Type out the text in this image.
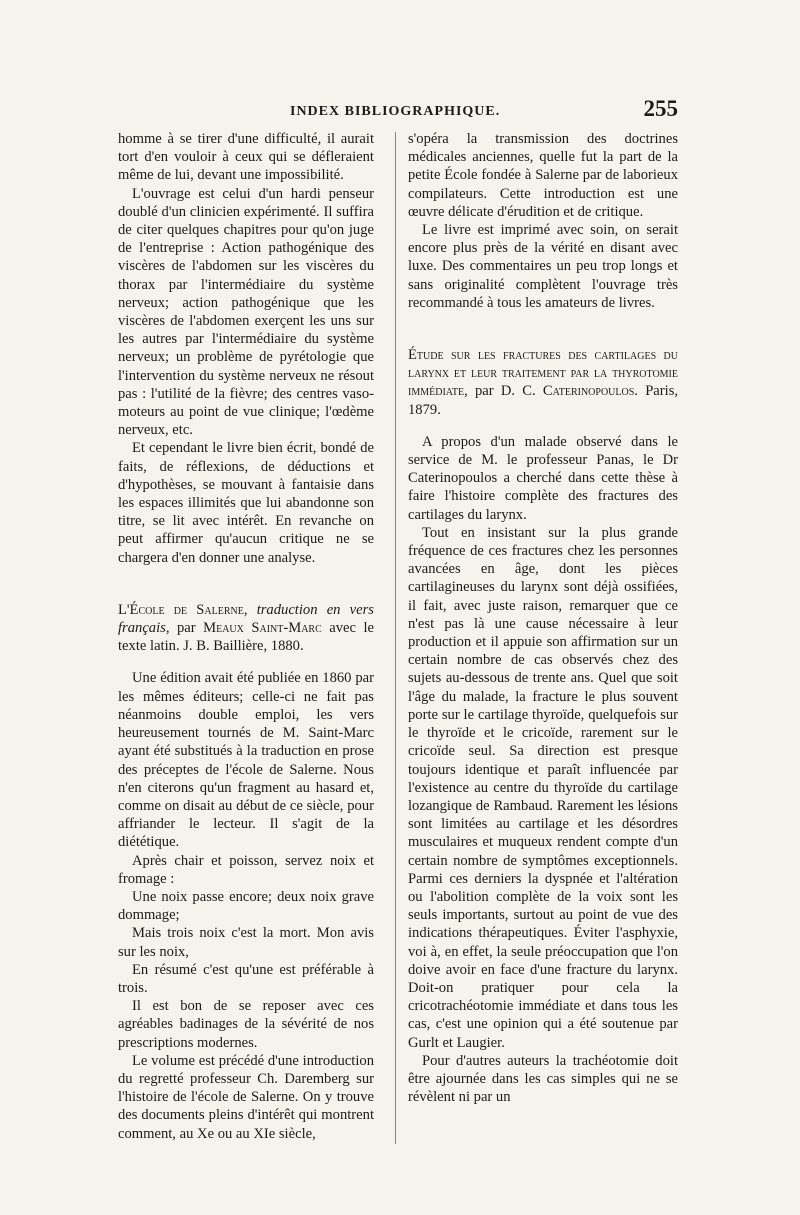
INDEX BIBLIOGRAPHIQUE.	255

homme à se tirer d'une difficulté, il aurait tort d'en vouloir à ceux qui se déflеraient même de lui, devant une impossibilité.

L'ouvrage est celui d'un hardi penseur doublé d'un clinicien expérimenté. Il suffira de citer quelques chapitres pour qu'on juge de l'entreprise : Action pathogénique des viscères de l'abdomen sur les viscères du thorax par l'intermédiaire du système nerveux; action pathogénique que les viscères de l'abdomen exerçent les uns sur les autres par l'intermédiaire du système nerveux; un problème de pyrétologie que l'intervention du système nerveux ne résout pas : l'utilité de la fièvre; des centres vaso-moteurs au point de vue clinique; l'œdème nerveux, etc.

Et cependant le livre bien écrit, bondé de faits, de réflexions, de déductions et d'hypothèses, se mouvant à fantaisie dans les espaces illimités que lui abandonne son titre, se lit avec intérêt. En revanche on peut affirmer qu'aucun critique ne se chargera d'en donner une analyse.

L'École de Salerne, traduction en vers français, par Meaux Saint-Marc avec le texte latin. J. B. Baillière, 1880.

Une édition avait été publiée en 1860 par les mêmes éditeurs; celle-ci ne fait pas néanmoins double emploi, les vers heureusement tournés de M. Saint-Marc ayant été substitués à la traduction en prose des préceptes de l'école de Salerne. Nous n'en citerons qu'un fragment au hasard et, comme on disait au début de ce siècle, pour affriander le lecteur. Il s'agit de la diététique.

Après chair et poisson, servez noix et fromage :

Une noix passe encore; deux noix grave dommage;

Mais trois noix c'est la mort. Mon avis sur les noix,

En résumé c'est qu'une est préférable à trois.

Il est bon de se reposer avec ces agréables badinages de la sévérité de nos prescriptions modernes.

Le volume est précédé d'une introduction du regretté professeur Ch. Daremberg sur l'histoire de l'école de Salerne. On y trouve des documents pleins d'intérêt qui montrent comment, au Xe ou au XIe siècle,

s'opéra la transmission des doctrines médicales anciennes, quelle fut la part de la petite École fondée à Salerne par de laborieux compilateurs. Cette introduction est une œuvre délicate d'érudition et de critique.

Le livre est imprimé avec soin, on serait encore plus près de la vérité en disant avec luxe. Des commentaires un peu trop longs et sans originalité complètent l'ouvrage très recommandé à tous les amateurs de livres.

Étude sur les fractures des cartilages du larynx et leur traitement par la thyrotomie immédiate, par D. C. Caterinopoulos. Paris, 1879.

A propos d'un malade observé dans le service de M. le professeur Panas, le Dr Caterinopoulos a cherché dans cette thèse à faire l'histoire complète des fractures des cartilages du larynx.

Tout en insistant sur la plus grande fréquence de ces fractures chez les personnes avancées en âge, dont les pièces cartilagineuses du larynx sont déjà ossifiées, il fait, avec juste raison, remarquer que ce n'est pas là une cause nécessaire à leur production et il appuie son affirmation sur un certain nombre de cas observés chez des sujets au-dessous de trente ans. Quel que soit l'âge du malade, la fracture le plus souvent porte sur le cartilage thyroïde, quelquefois sur le thyroïde et le cricoïde, rarement sur le cricoïde seul. Sa direction est presque toujours identique et paraît influencée par l'existence au centre du thyroïde du cartilage lozangique de Rambaud. Rarement les lésions sont limitées au cartilage et les désordres musculaires et muqueux rendent compte d'un certain nombre de symptômes exceptionnels. Parmi ces derniers la dyspnée et l'altération ou l'abolition complète de la voix sont les seuls importants, surtout au point de vue des indications thérapeutiques. Éviter l'asphyxie, voi à, en effet, la seule préoccupation que l'on doive avoir en face d'une fracture du larynx. Doit-on pratiquer pour cela la cricotrachéotomie immédiate et dans tous les cas, c'est une opinion qui a été soutenue par Gurlt et Laugier.

Pour d'autres auteurs la trachéotomie doit être ajournée dans les cas simples qui ne se révèlent ni par un
